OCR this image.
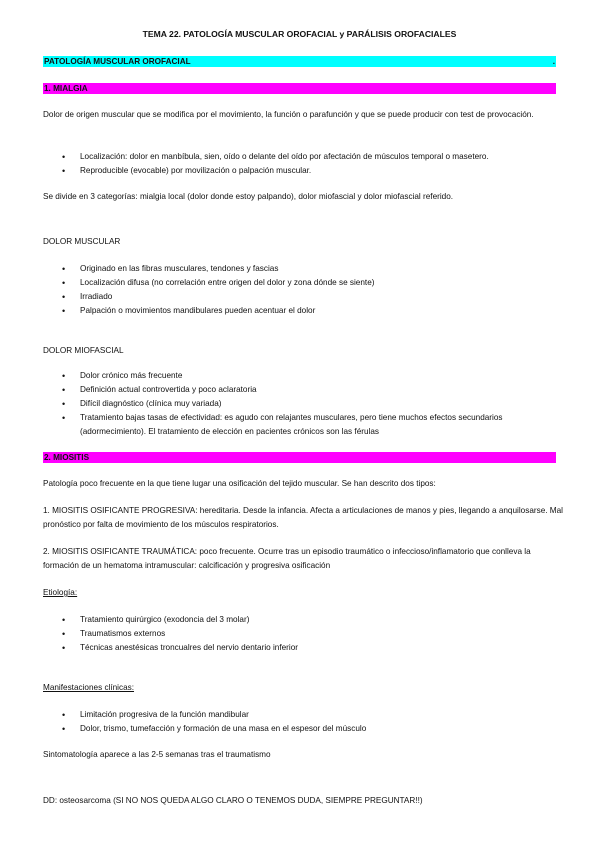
TEMA 22. PATOLOGÍA MUSCULAR OROFACIAL y PARÁLISIS OROFACIALES
PATOLOGÍA MUSCULAR OROFACIAL	.
1. MIALGIA
Dolor de origen muscular que se modifica por el movimiento, la función o parafunción y que se puede producir con test de provocación.
• Localización: dolor en manbíbula, sien, oído o delante del oído por afectación de músculos temporal o masetero.
• Reproducible (evocable) por movilización o palpación muscular.
Se divide en 3 categorías: mialgia local (dolor donde estoy palpando), dolor miofascial y dolor miofascial referido.
DOLOR MUSCULAR
• Originado en las fibras musculares, tendones y fascias
• Localización difusa (no correlación entre origen del dolor y zona dónde se siente)
• Irradiado
• Palpación o movimientos mandibulares pueden acentuar el dolor
DOLOR MIOFASCIAL
• Dolor crónico más frecuente
• Definición actual controvertida y poco aclaratoria
• Difícil diagnóstico (clínica muy variada)
• Tratamiento bajas tasas de efectividad: es agudo con relajantes musculares, pero tiene muchos efectos secundarios (adormecimiento). El tratamiento de elección en pacientes crónicos son las férulas
2. MIOSITIS
Patología poco frecuente en la que tiene lugar una osificación del tejido muscular. Se han descrito dos tipos:
1. MIOSITIS OSIFICANTE PROGRESIVA: hereditaria. Desde la infancia. Afecta a articulaciones de manos y pies, llegando a anquilosarse. Mal pronóstico por falta de movimiento de los músculos respiratorios.
2. MIOSITIS OSIFICANTE TRAUMÁTICA: poco frecuente. Ocurre tras un episodio traumático o infeccioso/inflamatorio que conlleva la formación de un hematoma intramuscular: calcificación y progresiva osificación
Etiología:
• Tratamiento quirúrgico (exodoncia del 3 molar)
• Traumatismos externos
• Técnicas anestésicas troncualres del nervio dentario inferior
Manifestaciones clínicas:
• Limitación progresiva de la función mandibular
• Dolor, trismo, tumefacción y formación de una masa en el espesor del músculo
Sintomatología aparece a las 2-5 semanas tras el traumatismo
DD: osteosarcoma (SI NO NOS QUEDA ALGO CLARO O TENEMOS DUDA, SIEMPRE PREGUNTAR!!)
